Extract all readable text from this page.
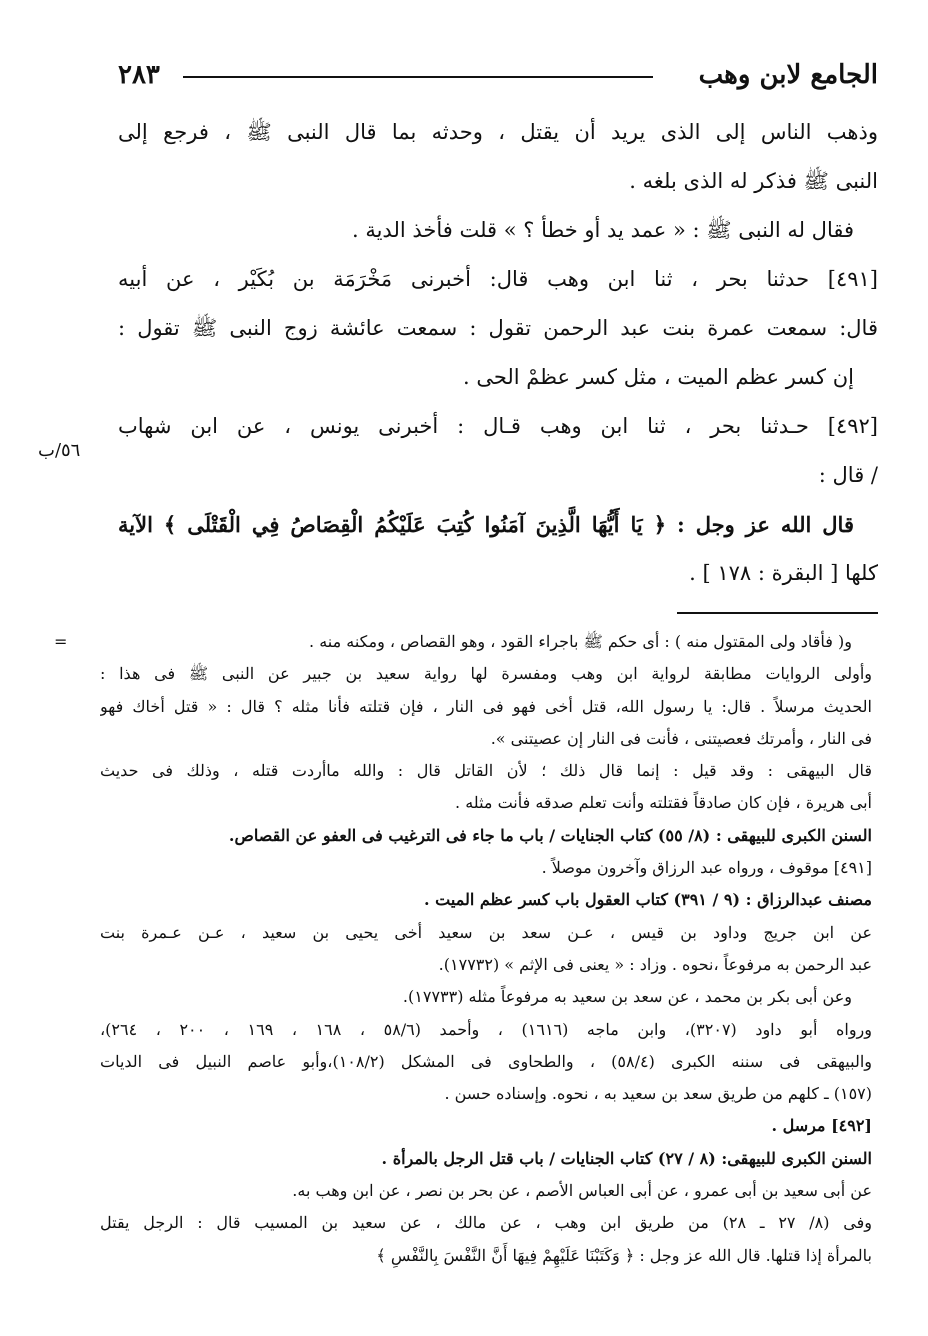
الجامع لابن وهب
٢٨٣
وذهب الناس إلى الذى يريد أن يقتل ، وحدثه بما قال النبى ﷺ ، فرجع إلى
النبى ﷺ فذكر له الذى بلغه .
فقال له النبى ﷺ : « عمد يد أو خطأ ؟ » قلت فأخذ الدية .
[٤٩١] حدثنا بحر ، ثنا ابن وهب قال: أخبرنى مَخْرَمَة بن بُكَيْر ، عن أبيه
قال: سمعت عمرة بنت عبد الرحمن تقول : سمعت عائشة زوج النبى ﷺ تقول :
إن كسر عظم الميت ، مثل كسر عظمْ الحى .
[٤٩٢] حـدثنا بحر ، ثنا ابن وهب قـال : أخبرنى يونس ، عن ابن شهاب
/ قال :
قال الله عز وجل : ﴿ يَا أَيُّهَا الَّذِينَ آمَنُوا كُتِبَ عَلَيْكُمُ الْقِصَاصُ فِي الْقَتْلَى ﴾ الآية
كلها [ البقرة : ١٧٨ ] .
٥٦/ب
=	و( فأقاد ولى المقتول منه ) : أى حكم ﷺ باجراء القود ، وهو القصاص ، ومكنه منه .
وأولى الروايات مطابقة لرواية ابن وهب ومفسرة لها رواية سعيد بن جبير عن النبى ﷺ فى هذا :
الحديث مرسلاً . قال: يا رسول الله، قتل أخى فهو فى النار ، فإن قتلته فأنا مثله ؟ قال : « قتل أخاك فهو
فى النار ، وأمرتك فعصيتنى ، فأنت فى النار إن عصيتنى ».
قال البيهقى : وقد قيل : إنما قال ذلك ؛ لأن القاتل قال : والله ماأردت قتله ، وذلك فى حديث
أبى هريرة ، فإن كان صادقاً فقتلته وأنت تعلم صدقه فأنت مثله .
السنن الكبرى للبيهقى : (٨/ ٥٥) كتاب الجنايات / باب ما جاء فى الترغيب فى العفو عن القصاص.
[٤٩١] موقوف ، ورواه عبد الرزاق وآخرون موصلاً .
مصنف عبدالرزاق : (٩ / ٣٩١) كتاب العقول باب كسر عظم الميت .
عن ابن جريج وداود بن قيس ، عـن سعد بن سعيد أخى يحيى بن سعيد ، عـن عـمرة بنت
عبد الرحمن به مرفوعاً ،نحوه . وزاد : « يعنى فى الإثم » (١٧٧٣٢).
وعن أبى بكر بن محمد ، عن سعد بن سعيد به مرفوعاً مثله (١٧٧٣٣).
ورواه أبو داود (٣٢٠٧)، وابن ماجه (١٦١٦) ، وأحمد (٥٨/٦ ، ١٦٨ ، ١٦٩ ، ٢٠٠ ، ٢٦٤)،
والبيهقى فى سننه الكبرى (٥٨/٤) ، والطحاوى فى المشكل (١٠٨/٢)،وأبو عاصم النبيل فى الديات
(١٥٧) ـ كلهم من طريق سعد بن سعيد به ، نحوه. وإسناده حسن .
[٤٩٢] مرسل .
السنن الكبرى للبيهقى: (٨ / ٢٧) كتاب الجنايات / باب قتل الرجل بالمرأة .
عن أبى سعيد بن أبى عمرو ، عن أبى العباس الأصم ، عن بحر بن نصر ، عن ابن وهب به.
وفى (٨/ ٢٧ ـ ٢٨) من طريق ابن وهب ، عن مالك ، عن سعيد بن المسيب قال : الرجل يقتل
بالمرأة إذا قتلها. قال الله عز وجل : ﴿ وَكَتَبْنَا عَلَيْهِمْ فِيهَا أَنَّ النَّفْسَ بِالنَّفْسِ ﴾
